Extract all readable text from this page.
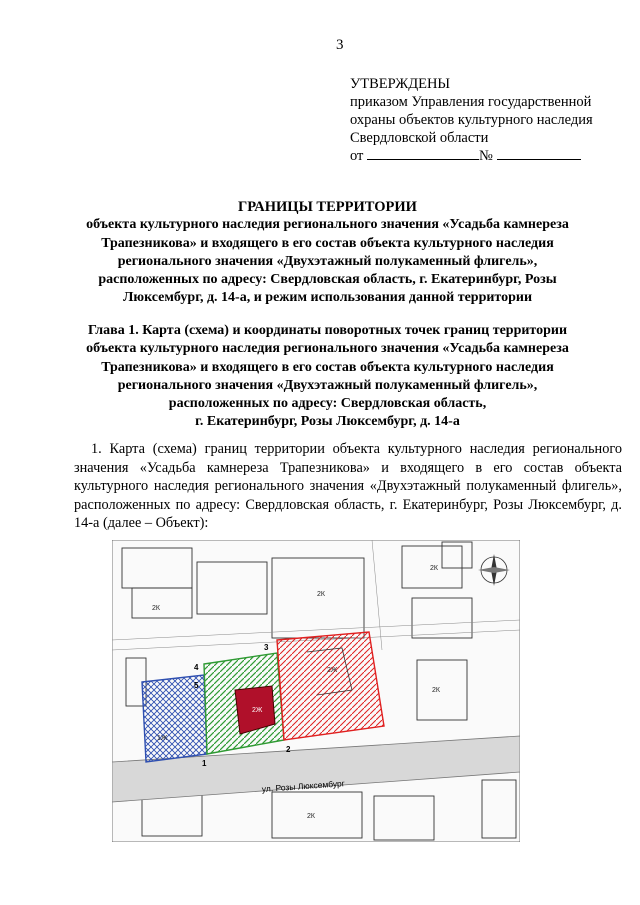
3
УТВЕРЖДЕНЫ
приказом Управления государственной
охраны объектов культурного наследия
Свердловской области
от	№
ГРАНИЦЫ ТЕРРИТОРИИ
объекта культурного наследия регионального значения «Усадьба камнереза
Трапезникова» и входящего в его состав объекта культурного наследия
регионального значения «Двухэтажный полукаменный флигель»,
расположенных по адресу: Свердловская область, г. Екатеринбург, Розы
Люксембург, д. 14-а, и режим использования данной территории
Глава 1. Карта (схема) и координаты поворотных точек границ территории
объекта культурного наследия регионального значения «Усадьба камнереза
Трапезникова» и входящего в его состав объекта культурного наследия
регионального значения «Двухэтажный полукаменный флигель»,
расположенных по адресу: Свердловская область,
г. Екатеринбург, Розы Люксембург, д. 14-а
1. Карта (схема) границ территории объекта культурного наследия регионального значения «Усадьба камнереза Трапезникова» и входящего в его состав объекта культурного наследия регионального значения «Двухэтажный полукаменный флигель», расположенных по адресу: Свердловская область, г. Екатеринбург, Розы Люксембург, д. 14-а (далее – Объект):
ул. Розы Люксембург
1
2
3
4
5
2К
2К
2К
2К
2Ж
2Ж
2К
1Ж
